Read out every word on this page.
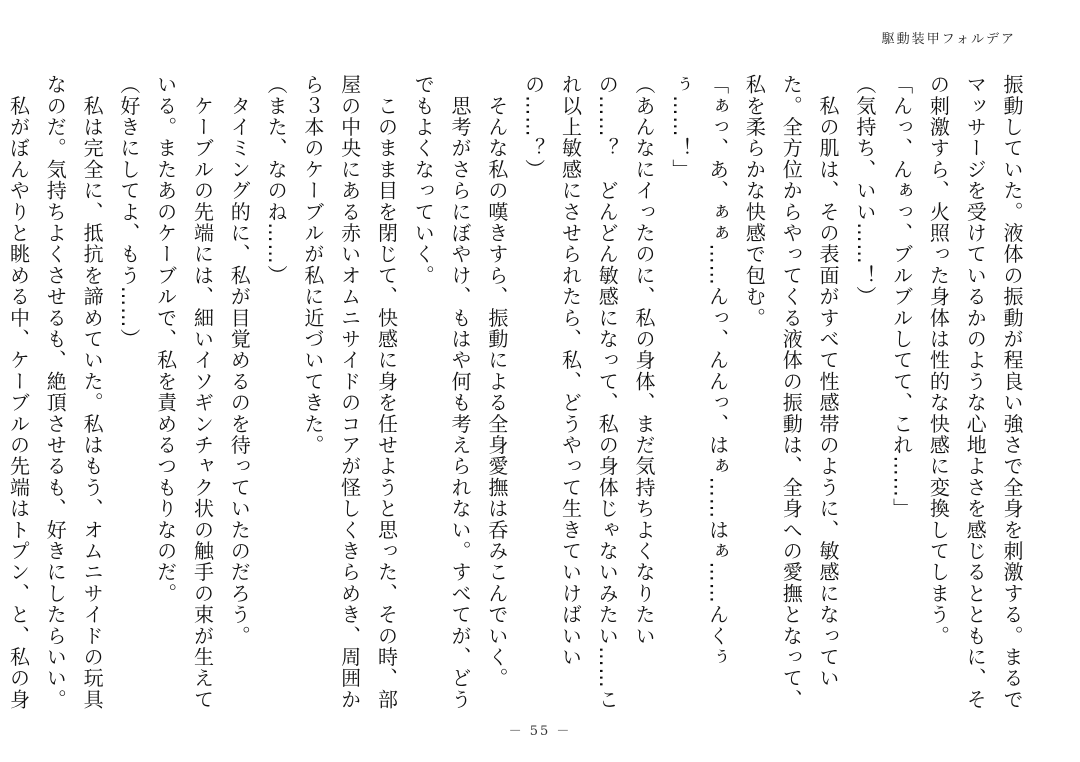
駆動装甲フォルデア

振動していた。液体の振動が程良い強さで全身を刺激する。まるでマッサージを受けているかのような心地よさを感じるとともに、その刺激すら、火照った身体は性的な快感に変換してしまう。

「んっ、んぁっ、ブルブルしてて、これ……」

（気持ち、いい……！）

　私の肌は、その表面がすべて性感帯のように、敏感になっていた。全方位からやってくる液体の振動は、全身への愛撫となって、私を柔らかな快感で包む。

「ぁっ、あ、ぁぁ……んっ、んんっ、はぁ……はぁ……んくぅぅ……！」

（あんなにイったのに、私の身体、まだ気持ちよくなりたいの……？　どんどん敏感になって、私の身体じゃないみたい……これ以上敏感にさせられたら、私、どうやって生きていけばいいの……？）

　そんな私の嘆きすら、振動による全身愛撫は呑みこんでいく。

　思考がさらにぼやけ、もはや何も考えられない。すべてが、どうでもよくなっていく。

　このまま目を閉じて、快感に身を任せようと思った、その時、部屋の中央にある赤いオムニサイドのコアが怪しくきらめき、周囲から３本のケーブルが私に近づいてきた。

（また、なのね……）

　タイミング的に、私が目覚めるのを待っていたのだろう。

　ケーブルの先端には、細いイソギンチャク状の触手の束が生えている。またあのケーブルで、私を責めるつもりなのだ。

（好きにしてよ、もう……）

　私は完全に、抵抗を諦めていた。私はもう、オムニサイドの玩具なのだ。気持ちよくさせるも、絶頂させるも、好きにしたらいい。

　私がぼんやりと眺める中、ケーブルの先端はトプン、と、私の身

－ 55 －
